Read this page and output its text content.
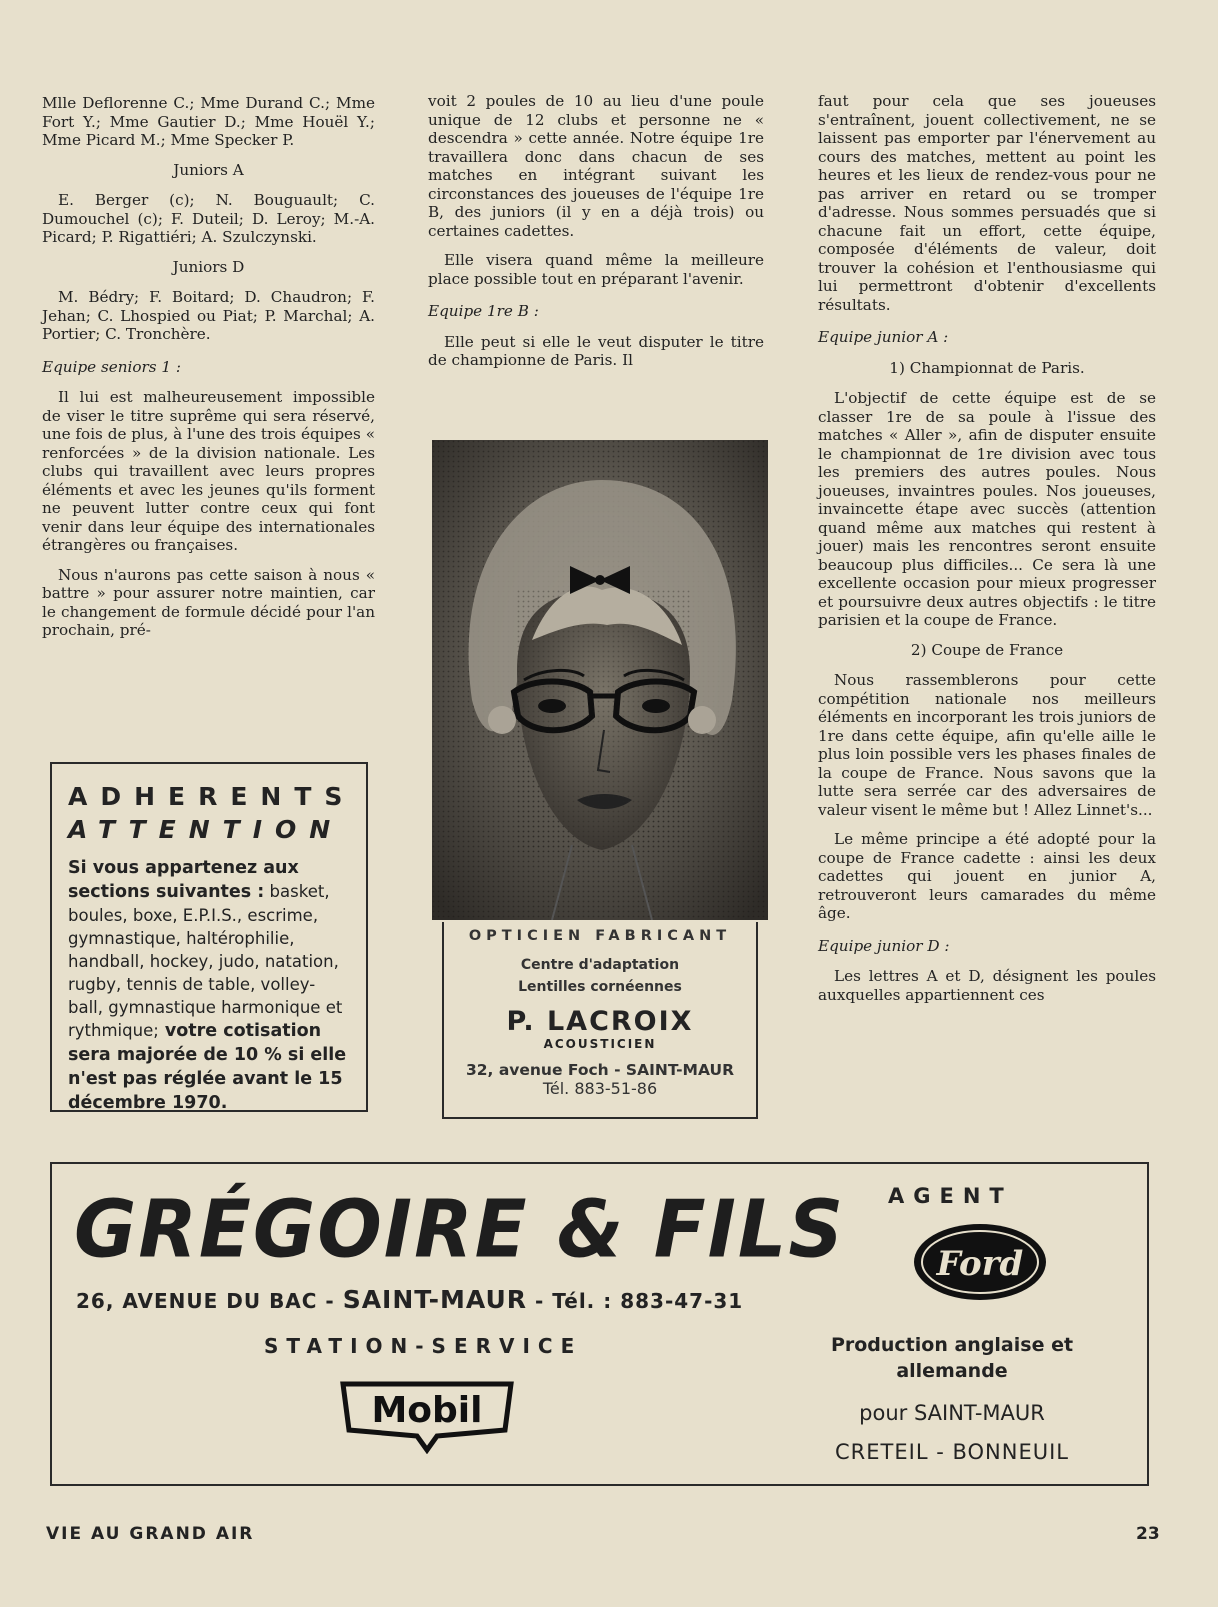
Mlle Deflorenne C.; Mme Durand C.; Mme Fort Y.; Mme Gautier D.; Mme Houël Y.; Mme Picard M.; Mme Specker P.

Juniors A

E. Berger (c); N. Bouguault; C. Dumouchel (c); F. Duteil; D. Leroy; M.-A. Picard; P. Rigattiéri; A. Szulczynski.

Juniors D

M. Bédry; F. Boitard; D. Chaudron; F. Jehan; C. Lhospied ou Piat; P. Marchal; A. Portier; C. Tronchère.

Equipe seniors 1 :

Il lui est malheureusement impossible de viser le titre suprême qui sera réservé, une fois de plus, à l'une des trois équipes « renforcées » de la division nationale. Les clubs qui travaillent avec leurs propres éléments et avec les jeunes qu'ils forment ne peuvent lutter contre ceux qui font venir dans leur équipe des internationales étrangères ou françaises.

Nous n'aurons pas cette saison à nous « battre » pour assurer notre maintien, car le changement de formule décidé pour l'an prochain, pré-

ADHERENTS
ATTENTION
Si vous appartenez aux sections suivantes : basket, boules, boxe, E.P.I.S., escrime, gymnastique, haltérophilie, handball, hockey, judo, natation, rugby, tennis de table, volley-ball, gymnastique harmonique et rythmique; votre cotisation sera majorée de 10 % si elle n'est pas réglée avant le 15 décembre 1970.

voit 2 poules de 10 au lieu d'une poule unique de 12 clubs et personne ne « descendra » cette année. Notre équipe 1re travaillera donc dans chacun de ses matches en intégrant suivant les circonstances des joueuses de l'équipe 1re B, des juniors (il y en a déjà trois) ou certaines cadettes.

Elle visera quand même la meilleure place possible tout en préparant l'avenir.

Equipe 1re B :

Elle peut si elle le veut disputer le titre de championne de Paris. Il

OPTICIEN FABRICANT
Centre d'adaptation
Lentilles cornéennes
P. LACROIX
ACOUSTICIEN
32, avenue Foch - SAINT-MAUR
Tél. 883-51-86

faut pour cela que ses joueuses s'entraînent, jouent collectivement, ne se laissent pas emporter par l'énervement au cours des matches, mettent au point les heures et les lieux de rendez-vous pour ne pas arriver en retard ou se tromper d'adresse. Nous sommes persuadés que si chacune fait un effort, cette équipe, composée d'éléments de valeur, doit trouver la cohésion et l'enthousiasme qui lui permettront d'obtenir d'excellents résultats.

Equipe junior A :
1) Championnat de Paris.

L'objectif de cette équipe est de se classer 1re de sa poule à l'issue des matches « Aller », afin de disputer ensuite le championnat de 1re division avec tous les premiers des autres poules. Nous joueuses, invaintres poules. Nos joueuses, invaincette étape avec succès (attention quand même aux matches qui restent à jouer) mais les rencontres seront ensuite beaucoup plus difficiles... Ce sera là une excellente occasion pour mieux progresser et poursuivre deux autres objectifs : le titre parisien et la coupe de France.

2) Coupe de France

Nous rassemblerons pour cette compétition nationale nos meilleurs éléments en incorporant les trois juniors de 1re dans cette équipe, afin qu'elle aille le plus loin possible vers les phases finales de la coupe de France. Nous savons que la lutte sera serrée car des adversaires de valeur visent le même but ! Allez Linnet's...

Le même principe a été adopté pour la coupe de France cadette : ainsi les deux cadettes qui jouent en junior A, retrouveront leurs camarades du même âge.

Equipe junior D :

Les lettres A et D, désignent les poules auxquelles appartiennent ces

GRÉGOIRE & FILS
26, AVENUE DU BAC - SAINT-MAUR - Tél. : 883-47-31
STATION-SERVICE
Mobil
AGENT
Ford
Production anglaise et allemande
pour SAINT-MAUR
CRETEIL - BONNEUIL
VIE AU GRAND AIR	23
